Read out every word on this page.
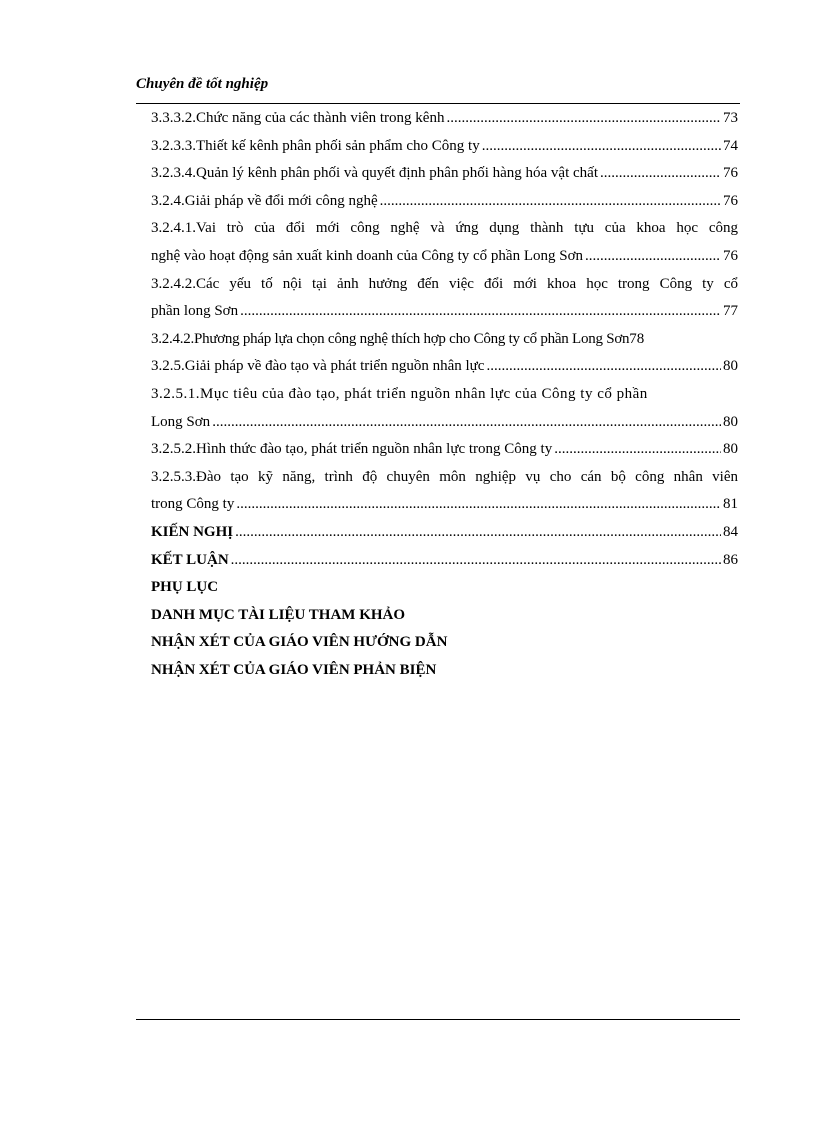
Chuyên đề tốt nghiệp
3.3.3.2.Chức năng của các thành viên trong kênh .....	73
3.2.3.3.Thiết kế kênh phân phối sản phẩm cho Công ty .....	74
3.2.3.4.Quản lý kênh phân phối và quyết định phân phối hàng hóa vật chất .....	76
3.2.4.Giải pháp về đổi mới công nghệ .....	76
3.2.4.1.Vai trò của đổi mới công nghệ và ứng dụng thành tựu của khoa học công
nghệ vào hoạt động sản xuất kinh doanh của Công ty cổ phần Long Sơn .....	76
3.2.4.2.Các yếu tố nội tại ảnh hưởng đến việc đổi mới khoa học trong Công ty cổ
phần long Sơn .....	77
3.2.4.2.Phương pháp lựa chọn công nghệ thích hợp cho Công ty cổ phần Long Sơn 78
3.2.5.Giải pháp về đào tạo và phát triển nguồn nhân lực .....	80
3.2.5.1.Mục tiêu của đào tạo, phát triển nguồn nhân lực của Công ty cổ phần
Long Sơn .....	80
3.2.5.2.Hình thức đào tạo, phát triển nguồn nhân lực trong Công ty .....	80
3.2.5.3.Đào tạo kỹ năng, trình độ chuyên môn nghiệp vụ cho cán bộ công nhân viên
trong Công ty .....	81
KIẾN NGHỊ .....	84
KẾT LUẬN .....	86
PHỤ LỤC
DANH MỤC TÀI LIỆU THAM KHẢO
NHẬN XÉT CỦA GIÁO VIÊN HƯỚNG DẪN
NHẬN XÉT CỦA GIÁO VIÊN PHẢN BIỆN
